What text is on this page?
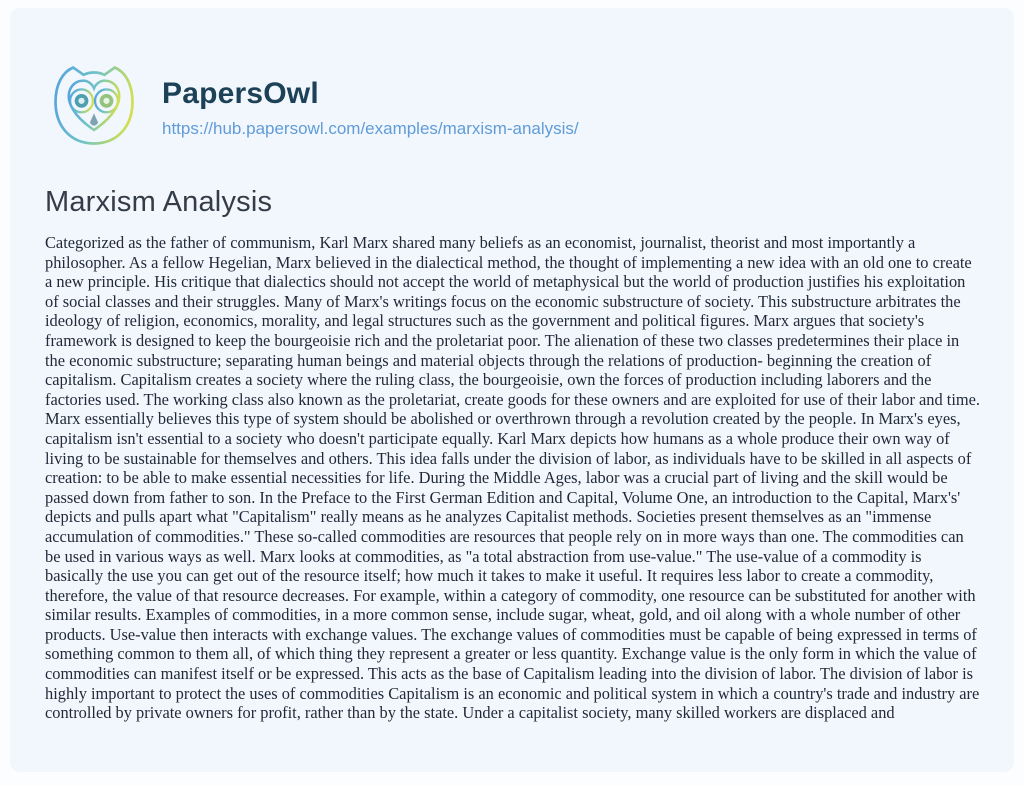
PapersOwl
https://hub.papersowl.com/examples/marxism-analysis/
Marxism Analysis

Categorized as the father of communism, Karl Marx shared many beliefs as an economist, journalist, theorist and most importantly a philosopher. As a fellow Hegelian, Marx believed in the dialectical method, the thought of implementing a new idea with an old one to create a new principle. His critique that dialectics should not accept the world of metaphysical but the world of production justifies his exploitation of social classes and their struggles. Many of Marx's writings focus on the economic substructure of society. This substructure arbitrates the ideology of religion, economics, morality, and legal structures such as the government and political figures. Marx argues that society's framework is designed to keep the bourgeoisie rich and the proletariat poor. The alienation of these two classes predetermines their place in the economic substructure; separating human beings and material objects through the relations of production- beginning the creation of capitalism. Capitalism creates a society where the ruling class, the bourgeoisie, own the forces of production including laborers and the factories used. The working class also known as the proletariat, create goods for these owners and are exploited for use of their labor and time. Marx essentially believes this type of system should be abolished or overthrown through a revolution created by the people. In Marx's eyes, capitalism isn't essential to a society who doesn't participate equally. Karl Marx depicts how humans as a whole produce their own way of living to be sustainable for themselves and others. This idea falls under the division of labor, as individuals have to be skilled in all aspects of creation: to be able to make essential necessities for life. During the Middle Ages, labor was a crucial part of living and the skill would be passed down from father to son. In the Preface to the First German Edition and Capital, Volume One, an introduction to the Capital, Marx's' depicts and pulls apart what "Capitalism" really means as he analyzes Capitalist methods. Societies present themselves as an "immense accumulation of commodities." These so-called commodities are resources that people rely on in more ways than one. The commodities can be used in various ways as well. Marx looks at commodities, as "a total abstraction from use-value." The use-value of a commodity is basically the use you can get out of the resource itself; how much it takes to make it useful. It requires less labor to create a commodity, therefore, the value of that resource decreases. For example, within a category of commodity, one resource can be substituted for another with similar results. Examples of commodities, in a more common sense, include sugar, wheat, gold, and oil along with a whole number of other products. Use-value then interacts with exchange values. The exchange values of commodities must be capable of being expressed in terms of something common to them all, of which thing they represent a greater or less quantity. Exchange value is the only form in which the value of commodities can manifest itself or be expressed. This acts as the base of Capitalism leading into the division of labor. The division of labor is highly important to protect the uses of commodities Capitalism is an economic and political system in which a country's trade and industry are controlled by private owners for profit, rather than by the state. Under a capitalist society, many skilled workers are displaced and
